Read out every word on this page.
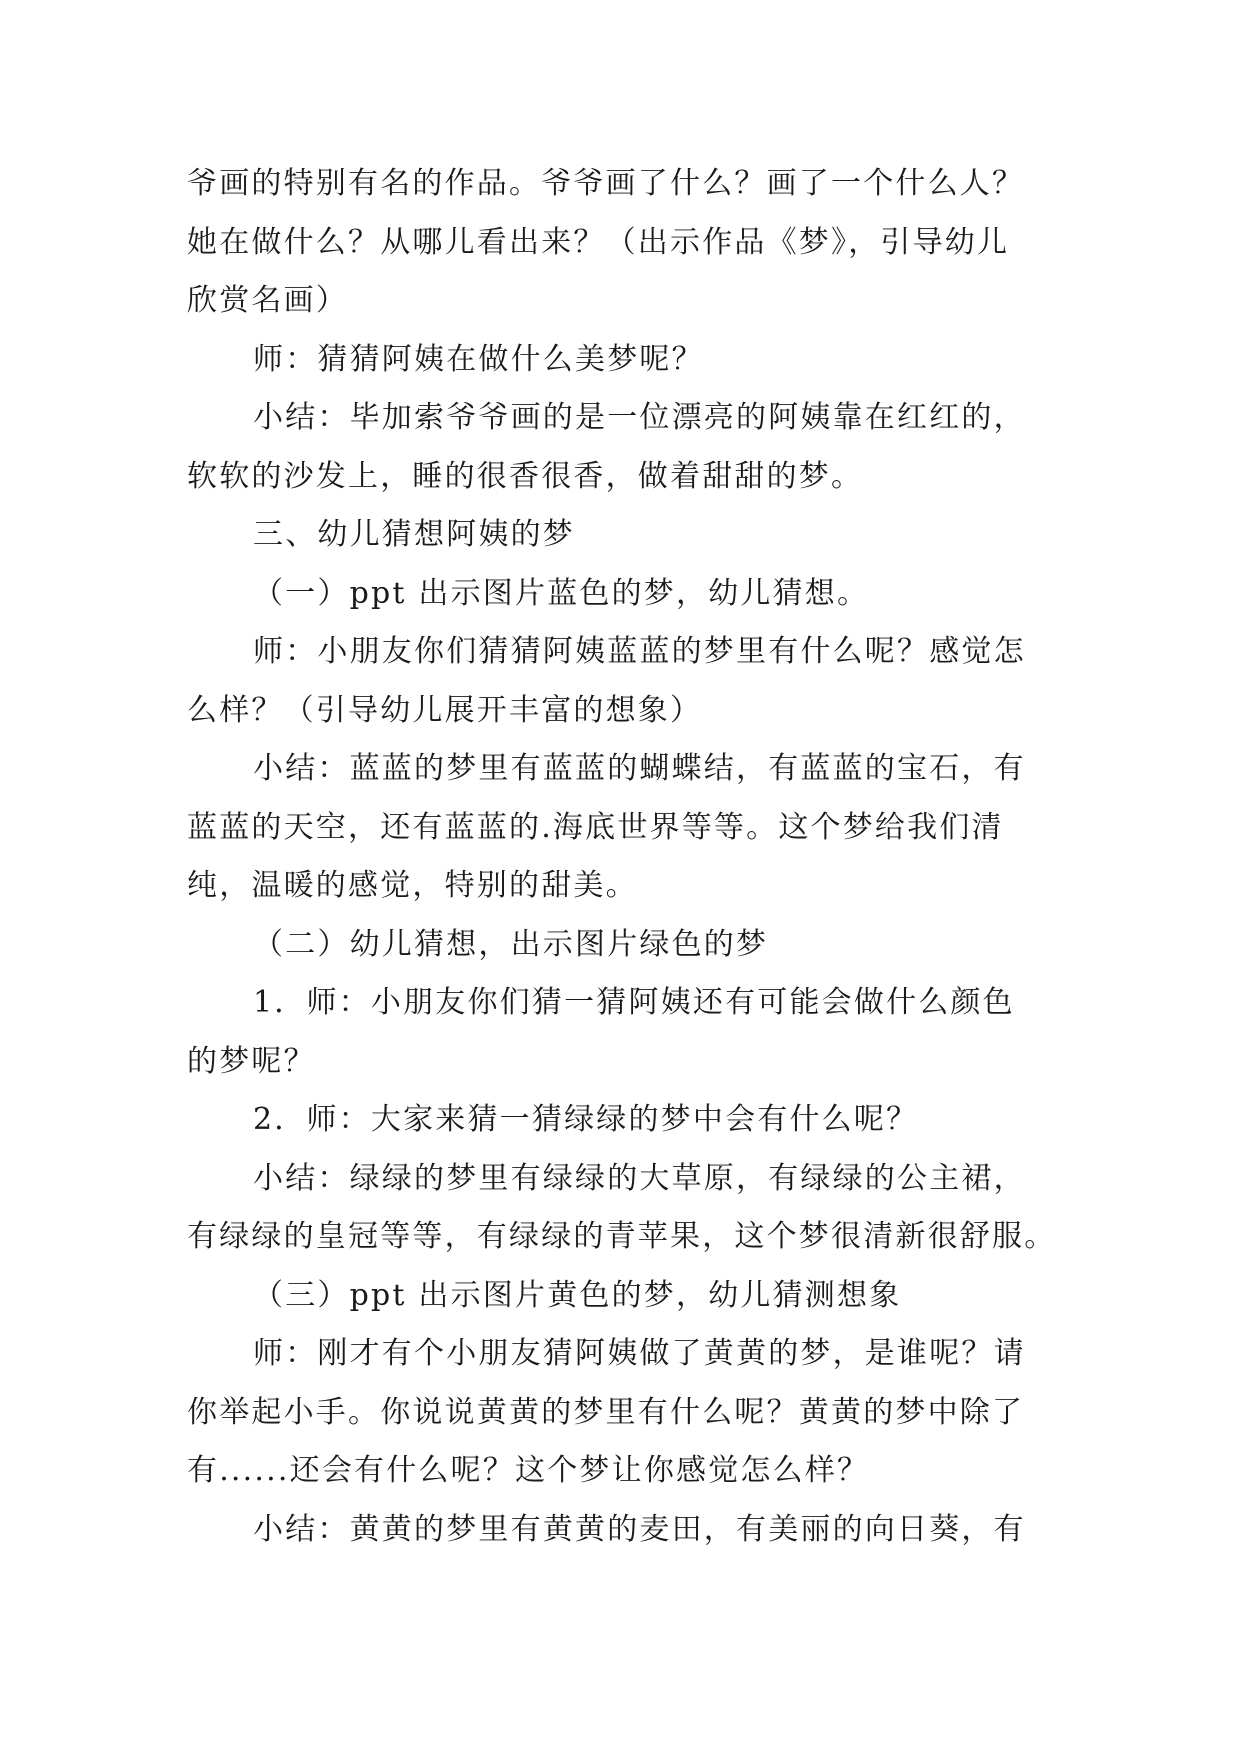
爷画的特别有名的作品。爷爷画了什么？画了一个什么人？
她在做什么？从哪儿看出来？（出示作品《梦》，引导幼儿
欣赏名画）
师：猜猜阿姨在做什么美梦呢？
小结：毕加索爷爷画的是一位漂亮的阿姨靠在红红的，
软软的沙发上，睡的很香很香，做着甜甜的梦。
三、幼儿猜想阿姨的梦
（一）ppt 出示图片蓝色的梦，幼儿猜想。
师：小朋友你们猜猜阿姨蓝蓝的梦里有什么呢？感觉怎
么样？（引导幼儿展开丰富的想象）
小结：蓝蓝的梦里有蓝蓝的蝴蝶结，有蓝蓝的宝石，有
蓝蓝的天空，还有蓝蓝的.海底世界等等。这个梦给我们清
纯，温暖的感觉，特别的甜美。
（二）幼儿猜想，出示图片绿色的梦
1．师：小朋友你们猜一猜阿姨还有可能会做什么颜色
的梦呢？
2．师：大家来猜一猜绿绿的梦中会有什么呢？
小结：绿绿的梦里有绿绿的大草原，有绿绿的公主裙，
有绿绿的皇冠等等，有绿绿的青苹果，这个梦很清新很舒服。
（三）ppt 出示图片黄色的梦，幼儿猜测想象
师：刚才有个小朋友猜阿姨做了黄黄的梦，是谁呢？请
你举起小手。你说说黄黄的梦里有什么呢？黄黄的梦中除了
有......还会有什么呢？这个梦让你感觉怎么样？
小结：黄黄的梦里有黄黄的麦田，有美丽的向日葵，有
